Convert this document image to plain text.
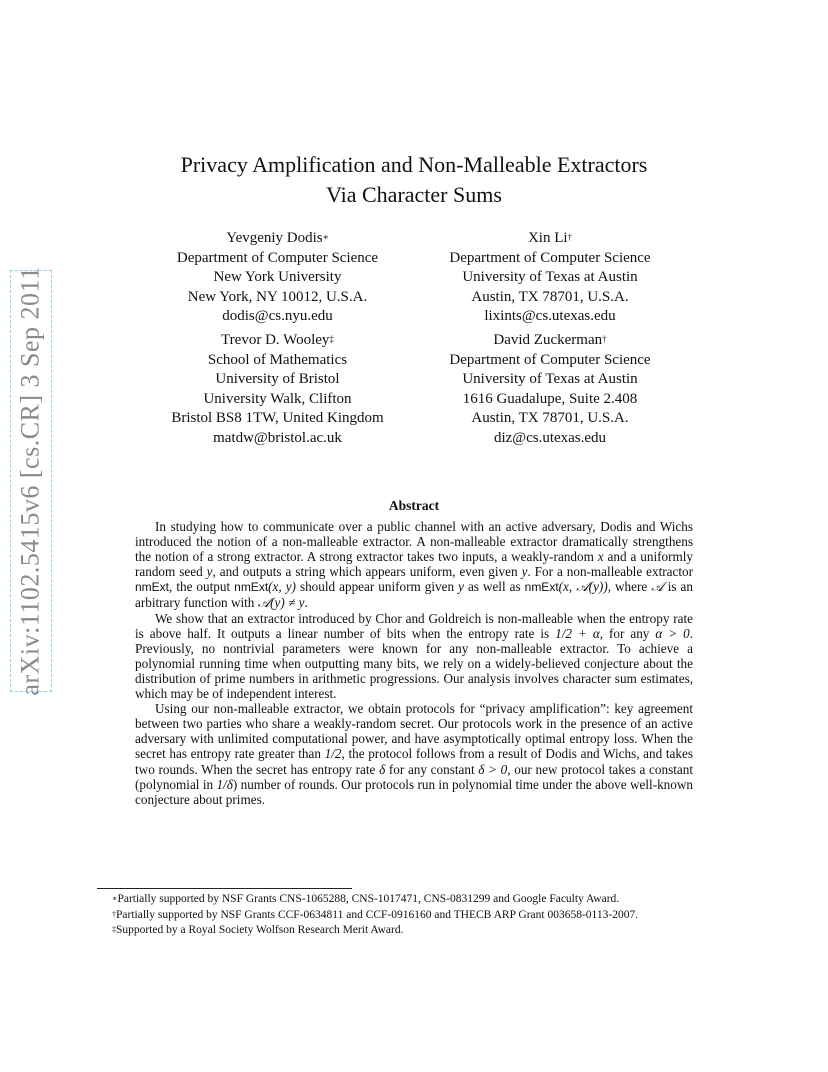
arXiv:1102.5415v6 [cs.CR] 3 Sep 2011
Privacy Amplification and Non-Malleable Extractors
Via Character Sums
Yevgeniy Dodis∗
Department of Computer Science
New York University
New York, NY 10012, U.S.A.
dodis@cs.nyu.edu
Xin Li†
Department of Computer Science
University of Texas at Austin
Austin, TX 78701, U.S.A.
lixints@cs.utexas.edu
Trevor D. Wooley‡
School of Mathematics
University of Bristol
University Walk, Clifton
Bristol BS8 1TW, United Kingdom
matdw@bristol.ac.uk
David Zuckerman†
Department of Computer Science
University of Texas at Austin
1616 Guadalupe, Suite 2.408
Austin, TX 78701, U.S.A.
diz@cs.utexas.edu
Abstract

In studying how to communicate over a public channel with an active adversary, Dodis and Wichs introduced the notion of a non-malleable extractor. A non-malleable extractor dramatically strengthens the notion of a strong extractor. A strong extractor takes two inputs, a weakly-random x and a uniformly random seed y, and outputs a string which appears uniform, even given y. For a non-malleable extractor nmExt, the output nmExt(x, y) should appear uniform given y as well as nmExt(x, 𝒜(y)), where 𝒜 is an arbitrary function with 𝒜(y) ≠ y.

We show that an extractor introduced by Chor and Goldreich is non-malleable when the entropy rate is above half. It outputs a linear number of bits when the entropy rate is 1/2 + α, for any α > 0. Previously, no nontrivial parameters were known for any non-malleable extractor. To achieve a polynomial running time when outputting many bits, we rely on a widely-believed conjecture about the distribution of prime numbers in arithmetic progressions. Our analysis involves character sum estimates, which may be of independent interest.

Using our non-malleable extractor, we obtain protocols for “privacy amplification”: key agreement between two parties who share a weakly-random secret. Our protocols work in the presence of an active adversary with unlimited computational power, and have asymptotically optimal entropy loss. When the secret has entropy rate greater than 1/2, the protocol follows from a result of Dodis and Wichs, and takes two rounds. When the secret has entropy rate δ for any constant δ > 0, our new protocol takes a constant (polynomial in 1/δ) number of rounds. Our protocols run in polynomial time under the above well-known conjecture about primes.

∗Partially supported by NSF Grants CNS-1065288, CNS-1017471, CNS-0831299 and Google Faculty Award.
†Partially supported by NSF Grants CCF-0634811 and CCF-0916160 and THECB ARP Grant 003658-0113-2007.
‡Supported by a Royal Society Wolfson Research Merit Award.
